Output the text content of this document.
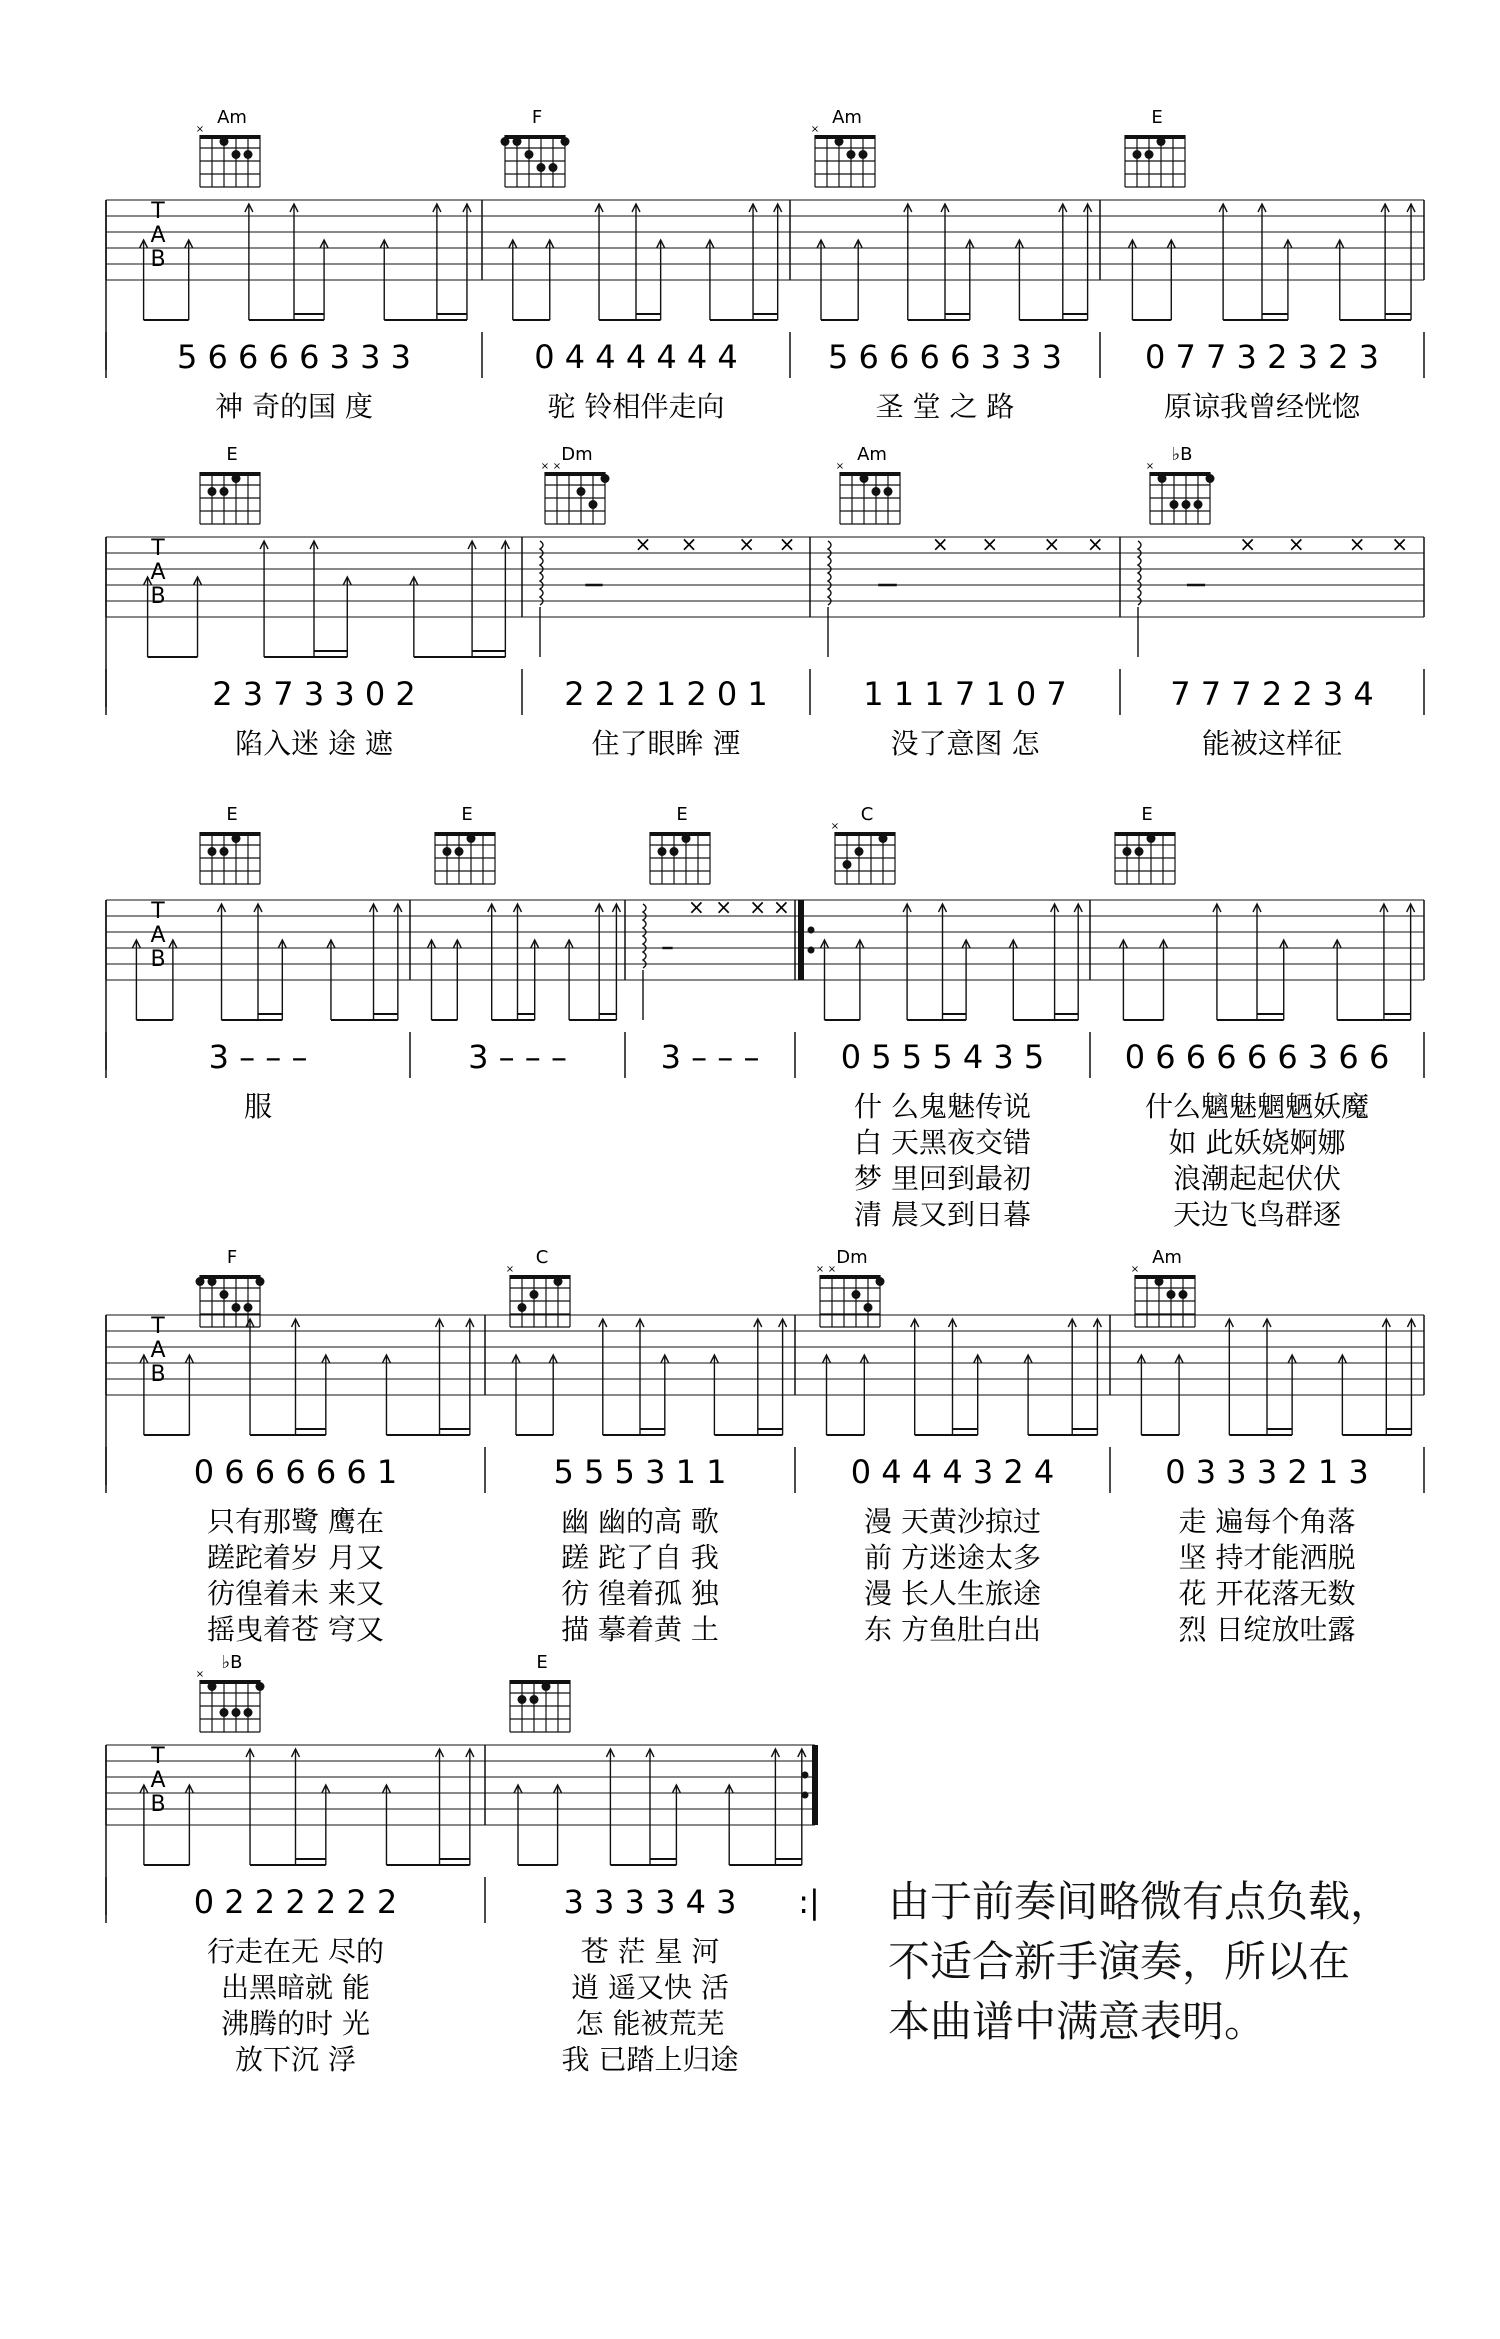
T
A
B
5 6 6 6 6 3 3 3
神 奇的国 度
0 4 4 4 4 4 4
驼 铃相伴走向
5 6 6 6 6 3 3 3
圣 堂 之 路
0 7 7 3 2 3 2 3
原谅我曾经恍惚
Am
×
F	Am
×
E
T
A
B
× × × ×	× × × ×	× × × ×
2 3 7 3 3 0 2
陷入迷 途 遮
2 2 2 1 2 0 1
住了眼眸 湮
1 1 1 7 1 0 7
没了意图 怎
7 7 7 2 2 3 4
能被这样征
E	Dm
× ×
Am
×
♭B
×
T
A
B
× × × ×
3 – – –
服
3 – – –	3 – – –	0 5 5 5 4 3 5
什 么鬼魅传说
白 天黑夜交错
梦 里回到最初
清 晨又到日暮
0 6 6 6 6 6 3 6 6
什么魑魅魍魉妖魔
如 此妖娆婀娜
浪潮起起伏伏
天边飞鸟群逐
E	E	E	C
×
E
T
A
B
0 6 6 6 6 6 1
只有那鹭 鹰在
蹉跎着岁 月又
彷徨着未 来又
摇曳着苍 穹又
5 5 5 3 1 1
幽 幽的高 歌
蹉 跎了自 我
彷 徨着孤 独
描 摹着黄 土
0 4 4 4 3 2 4
漫 天黄沙掠过
前 方迷途太多
漫 长人生旅途
东 方鱼肚白出
0 3 3 3 2 1 3
走 遍每个角落
坚 持才能洒脱
花 开花落无数
烈 日绽放吐露
F	C
×
Dm
× ×
Am
×
T
A
B
0 2 2 2 2 2 2
行走在无 尽的
出黑暗就 能
沸腾的时 光
放下沉 浮
3 3 3 3 4 3
苍 茫 星 河
逍 遥又快 活
怎 能被荒芜
我 已踏上归途
:|
♭B
×
E
由于前奏间略微有点负载，
不适合新手演奏，所以在
本曲谱中满意表明。
